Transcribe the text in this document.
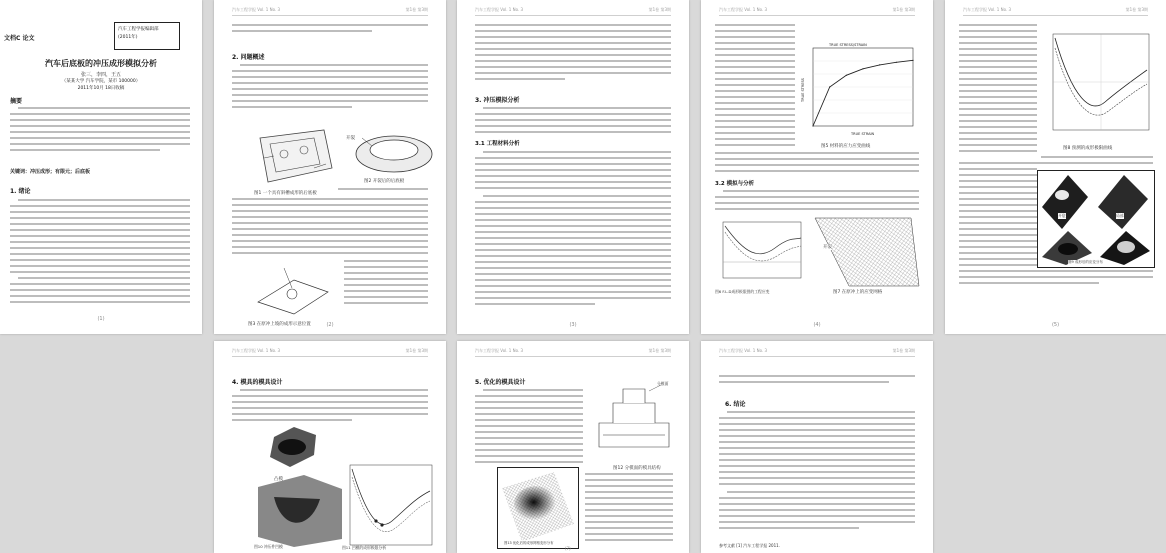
文档C 论文
汽车工程学报编辑部
(2011年)
汽车后底板的冲压成形模拟分析
张三，李四，王五
（某某大学 汽车学院，某市 100000）
2011年10月 18日收稿
摘要
关键词：冲压成形；有限元；后底板
1. 绪论
(1)
汽车工程学报 Vol. 1 No. 3	第1卷 第3期
2. 问题概述
图1 一个具有斜槽成形的后底板
开裂
图2 开裂后的后底板
图3 在原冲上坡的成形示意位置	(2)
汽车工程学报 Vol. 1 No. 3	第1卷 第3期
3. 冲压模拟分析
3.1 工程材料分析
(3)
汽车工程学报 Vol. 1 No. 3	第1卷 第3期
TRUE STRESS/STRAIN
TRUE STRAIN
TRUE STRESS
图5 材料的应力应变曲线
3.2 模拟与分析
图6 F.L.D成形极限图的工程应变
开裂
图7 在原冲上的应变网格
(4)
汽车工程学报 Vol. 1 No. 3	第1卷 第3期
图8 预测的成形极限曲线
开裂	局部
图9 成形后的应变分布
(5)
汽车工程学报 Vol. 1 No. 3	第1卷 第3期
4. 模具的模具设计
凸模
图10 冲压件凹模	图11 凹模的成形极限分析
汽车工程学报 Vol. 1 No. 3	第1卷 第3期
5. 优化的模具设计	分模面
图12 分模面的模具结构
图13 优化后的成形网格变形分布
(7)
汽车工程学报 Vol. 1 No. 3	第1卷 第3期
6. 结论
参考文献 [1] 汽车工程学报 2011.
